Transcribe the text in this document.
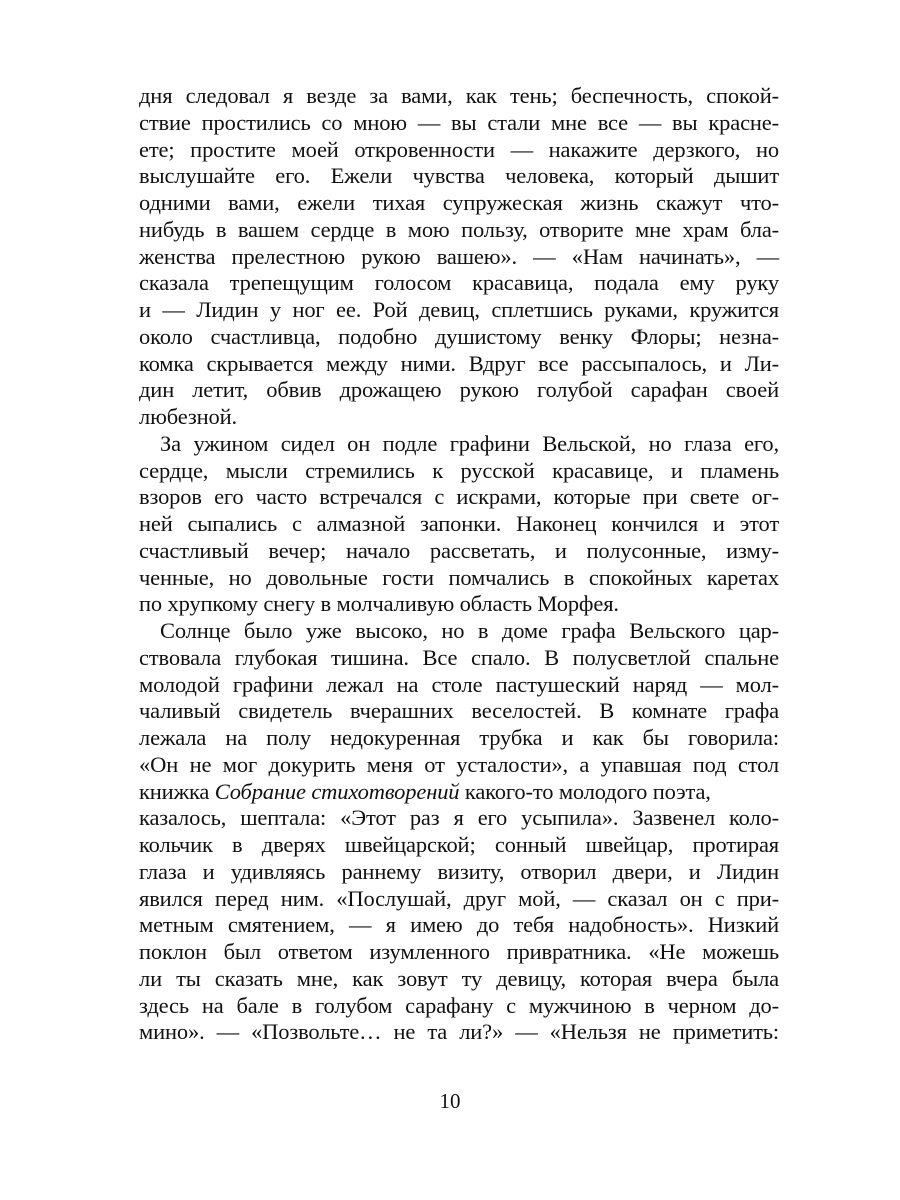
дня следовал я везде за вами, как тень; беспечность, спокой-
ствие простились со мною — вы стали мне все — вы красне-
ете; простите моей откровенности — накажите дерзкого, но
выслушайте его. Ежели чувства человека, который дышит
одними вами, ежели тихая супружеская жизнь скажут что-
нибудь в вашем сердце в мою пользу, отворите мне храм бла-
женства прелестною рукою вашею». — «Нам начинать», —
сказала трепещущим голосом красавица, подала ему руку
и — Лидин у ног ее. Рой девиц, сплетшись руками, кружится
около счастливца, подобно душистому венку Флоры; незна-
комка скрывается между ними. Вдруг все рассыпалось, и Ли-
дин летит, обвив дрожащею рукою голубой сарафан своей
любезной.
За ужином сидел он подле графини Вельской, но глаза его,
сердце, мысли стремились к русской красавице, и пламень
взоров его часто встречался с искрами, которые при свете ог-
ней сыпались с алмазной запонки. Наконец кончился и этот
счастливый вечер; начало рассветать, и полусонные, изму-
ченные, но довольные гости помчались в спокойных каретах
по хрупкому снегу в молчаливую область Морфея.
Солнце было уже высоко, но в доме графа Вельского цар-
ствовала глубокая тишина. Все спало. В полусветлой спальне
молодой графини лежал на столе пастушеский наряд — мол-
чаливый свидетель вчерашних веселостей. В комнате графа
лежала на полу недокуренная трубка и как бы говорила:
«Он не мог докурить меня от усталости», а упавшая под стол
книжка Собрание стихотворений какого-то молодого поэта,
казалось, шептала: «Этот раз я его усыпила». Зазвенел коло-
кольчик в дверях швейцарской; сонный швейцар, протирая
глаза и удивляясь раннему визиту, отворил двери, и Лидин
явился перед ним. «Послушай, друг мой, — сказал он с при-
метным смятением, — я имею до тебя надобность». Низкий
поклон был ответом изумленного привратника. «Не можешь
ли ты сказать мне, как зовут ту девицу, которая вчера была
здесь на бале в голубом сарафану с мужчиною в черном до-
мино». — «Позвольте… не та ли?» — «Нельзя не приметить:
10
